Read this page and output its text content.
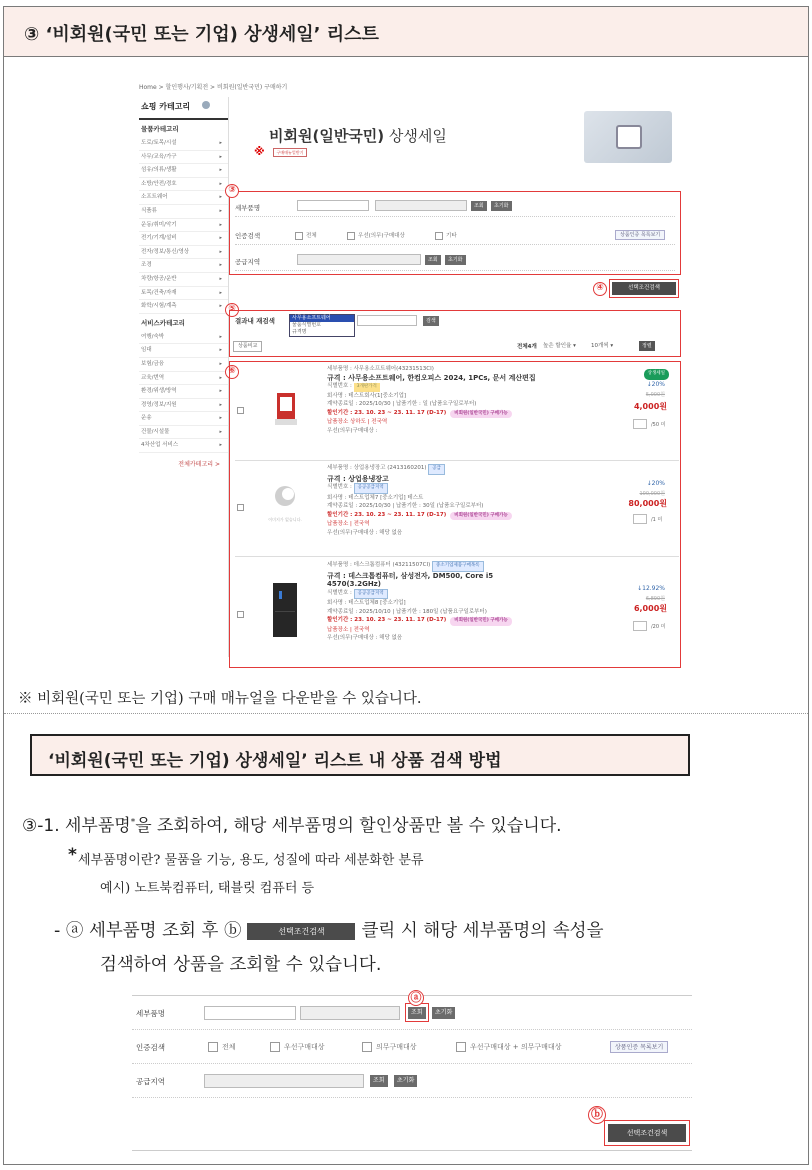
③ ‘비회원(국민 또는 기업) 상생세일’ 리스트
Home > 할인행사/기획전 > 비회원(일반국민) 구매하기
쇼핑 카테고리
물품카테고리
도로/토목/시설 ▸
사무/교육/가구 ▸
섬유/의류/생활 ▸
소방/안전/경호 ▸
소프트웨어 ▸
식품류 ▸
운동/취미/악기 ▸
전기/기계/설비 ▸
전자/정보/통신/영상 ▸
조경 ▸
차량/항공/운반 ▸
토목/건축/자재 ▸
화학/시험/계측 ▸
서비스카테고리
여행/숙박 ▸
임대 ▸
보험/금융 ▸
교육/번역 ▸
환경/위생/방역 ▸
경영/정보/지원 ▸
운송 ▸
건물/시설물 ▸
4차산업 서비스 ▸
전체카테고리 >
비회원(일반국민) 상생세일
※	구매매뉴얼받기
③
세부품명	조회	초기화
인증검색	전체	우선(의무)구매대상	기타	상품인증 목록보기
공급지역	조회	초기화
④	선택조건검색
⑤
결과내 재검색	사무용소프트웨어
물품식별번호
규격명
검색
상품비교	전체4개 높은 할인율 ▾	10개씩 ▾	정렬
⑥	세부품명 : 사무용소프트웨어(43231513CI)
규격 : 사무용소프트웨어, 한컴오피스 2024, 1PCs, 문서 계산편집
식별번호 : 3개판가격
회사명 : 테스트회사(1[중소기업]
계약종료일 : 2025/10/30 | 납품기한 : 일 (납품요구일로부터)
할인기간 : 23. 10. 23 ~ 23. 11. 17 (D-17) 비회원(일반국민) 구매가능
납품장소 상하도 | 전국역
우선(의무)구매대상 :
상생세일
↓20%
5,000원
4,000원
/50 미
이미지가 없습니다.
세부품명 : 상업용냉장고 (2413160201) 공급
규격 : 상업용냉장고
식별번호 : 공공공급지역
회사명 : 테스트업체7 [중소기업] 테스트
계약종료일 : 2025/10/30 | 납품기한 : 30일 (납품요구일로부터)
할인기간 : 23. 10. 23 ~ 23. 11. 17 (D-17) 비회원(일반국민) 구매가능
납품장소 | 전국역
우선(의무)구매대상 : 해당 없음
↓20%
100,000원
80,000원
/1 미
세부품명 : 데스크톱컴퓨터 (43211507CI) 중소기업제품구매목록
규격 : 데스크톱컴퓨터, 삼성전자, DM500, Core i5 4570(3.2GHz)
식별번호 : 공공공급지역
회사명 : 테스트업체8 [중소기업]
계약종료일 : 2025/10/10 | 납품기한 : 180일 (납품요구일로부터)
할인기간 : 23. 10. 23 ~ 23. 11. 17 (D-17) 비회원(일반국민) 구매가능
납품장소 | 전국역
우선(의무)구매대상 : 해당 없음
↓12.92%
6,890원
6,000원
/20 미
※ 비회원(국민 또는 기업) 구매 매뉴얼을 다운받을 수 있습니다.
‘비회원(국민 또는 기업) 상생세일’ 리스트 내 상품 검색 방법
③-1. 세부품명*을 조회하여, 해당 세부품명의 할인상품만 볼 수 있습니다.
* 세부품명이란? 물품을 기능, 용도, 성질에 따라 세분화한 분류
예시) 노트북컴퓨터, 태블릿 컴퓨터 등
- ⓐ 세부품명 조회 후 ⓑ	선택조건검색 클릭 시 해당 세부품명의 속성을
검색하여 상품을 조회할 수 있습니다.
세부품명	조회	초기화
ⓐ
인증검색	전체	우선구매대상	의무구매대상	우선구매대상 + 의무구매대상	상품인증 목록보기
공급지역	조회	초기화
ⓑ
선택조건검색
